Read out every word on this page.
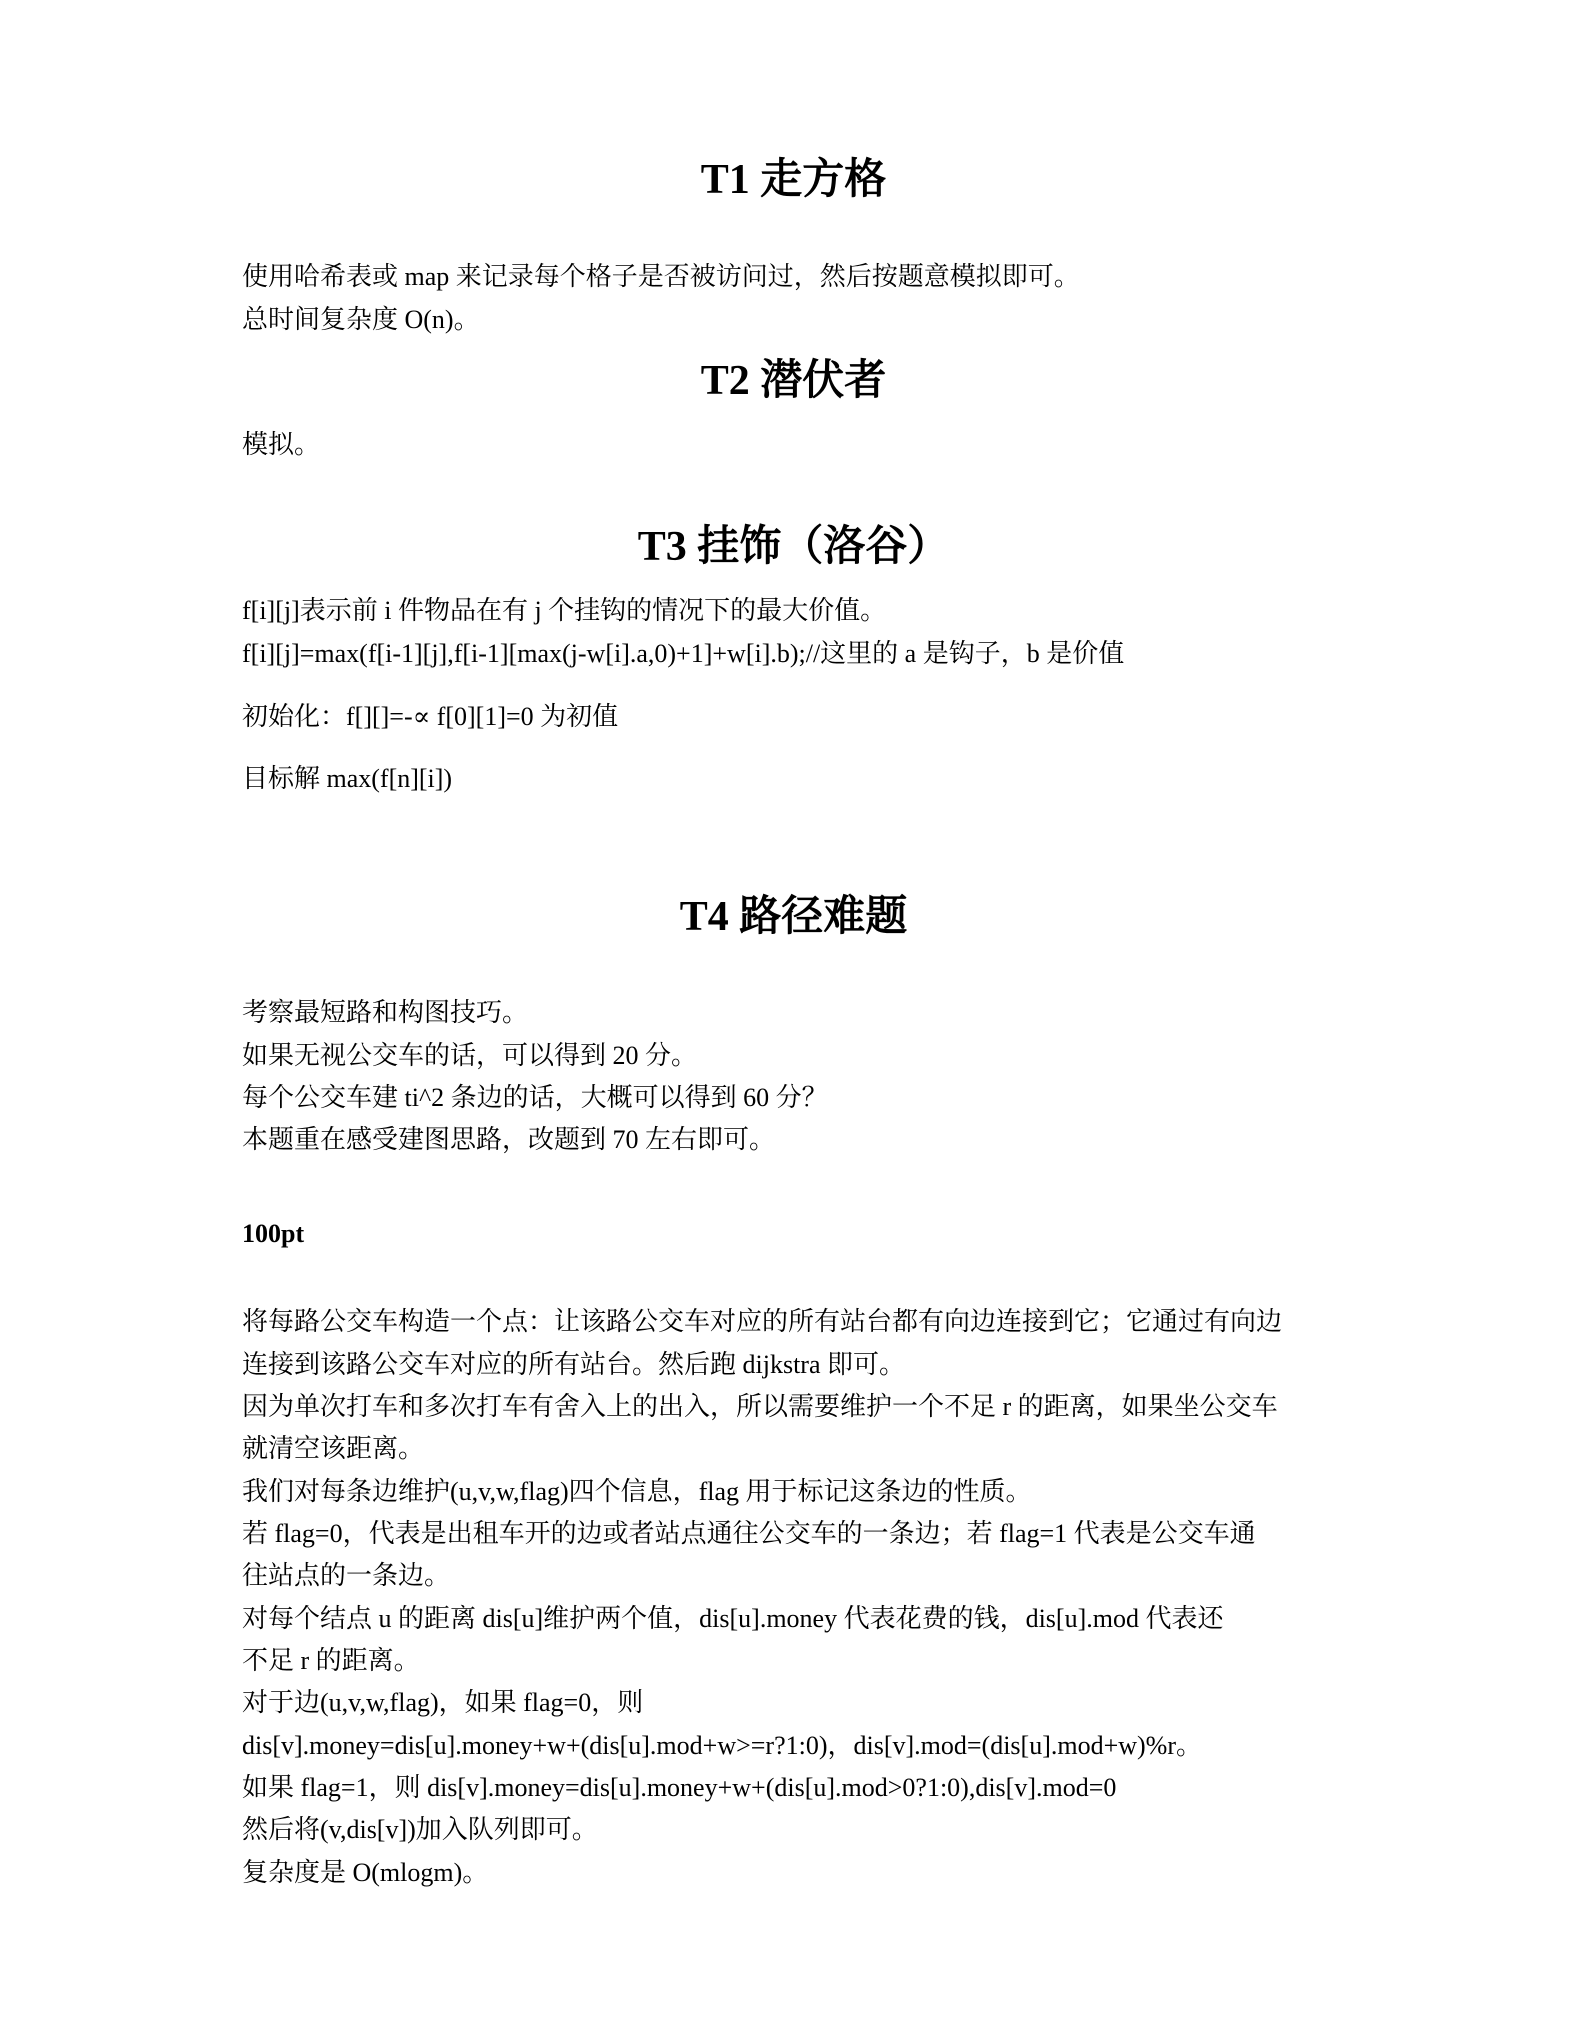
T1 走方格

使用哈希表或 map 来记录每个格子是否被访问过，然后按题意模拟即可。

总时间复杂度 O(n)。

T2 潜伏者

模拟。

T3 挂饰（洛谷）

f[i][j]表示前 i 件物品在有 j 个挂钩的情况下的最大价值。

f[i][j]=max(f[i-1][j],f[i-1][max(j-w[i].a,0)+1]+w[i].b);//这里的 a 是钩子，b 是价值

初始化：f[][]=-∝ f[0][1]=0 为初值

目标解 max(f[n][i])

T4 路径难题

考察最短路和构图技巧。

如果无视公交车的话，可以得到 20 分。

每个公交车建 ti^2 条边的话，大概可以得到 60 分？

本题重在感受建图思路，改题到 70 左右即可。

100pt

将每路公交车构造一个点：让该路公交车对应的所有站台都有向边连接到它；它通过有向边

连接到该路公交车对应的所有站台。然后跑 dijkstra 即可。

因为单次打车和多次打车有舍入上的出入，所以需要维护一个不足 r 的距离，如果坐公交车

就清空该距离。

我们对每条边维护(u,v,w,flag)四个信息，flag 用于标记这条边的性质。

若 flag=0，代表是出租车开的边或者站点通往公交车的一条边；若 flag=1 代表是公交车通

往站点的一条边。

对每个结点 u 的距离 dis[u]维护两个值，dis[u].money 代表花费的钱，dis[u].mod 代表还

不足 r 的距离。

对于边(u,v,w,flag)，如果 flag=0，则

dis[v].money=dis[u].money+w+(dis[u].mod+w>=r?1:0)，dis[v].mod=(dis[u].mod+w)%r。

如果 flag=1，则 dis[v].money=dis[u].money+w+(dis[u].mod>0?1:0),dis[v].mod=0

然后将(v,dis[v])加入队列即可。

复杂度是 O(mlogm)。
